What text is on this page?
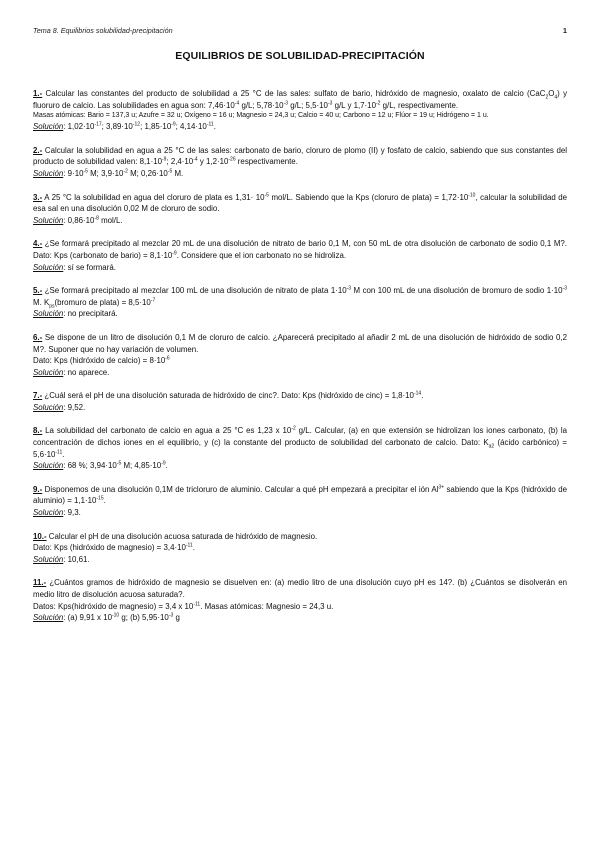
Tema 8. Equilibrios solubilidad-precipitación	1
EQUILIBRIOS DE SOLUBILIDAD-PRECIPITACIÓN

1.- Calcular las constantes del producto de solubilidad a 25 °C de las sales: sulfato de bario, hidróxido de magnesio, oxalato de calcio $(CaC_2O_4)$ y fluoruro de calcio. Las solubilidades en agua son: $7,46\cdot 10^{-4}$ g/L; $5,78\cdot 10^{-3}$ g/L; $5,5\cdot 10^{-3}$ g/L y $1,7\cdot 10^{-2}$ g/L, respectivamente.

Masas atómicas: Bario = 137,3 u; Azufre = 32 u; Oxígeno = 16 u; Magnesio = 24,3 u; Calcio = 40 u; Carbono = 12 u; Flúor = 19 u; Hidrógeno = 1 u.

Solución: $1,02\cdot 10^{-17}$; $3,89\cdot 10^{-12}$; $1,85\cdot 10^{-9}$; $4,14\cdot 10^{-11}$.

2.- Calcular la solubilidad en agua a 25 °C de las sales: carbonato de bario, cloruro de plomo (II) y fosfato de calcio, sabiendo que sus constantes del producto de solubilidad valen: $8,1\cdot 10^{-9}$; $2,4\cdot 10^{-4}$ y $1,2\cdot 10^{-26}$ respectivamente.

Solución: $9\cdot 10^{-5}$ M; $3,9\cdot 10^{-2}$ M; $0,26\cdot 10^{-5}$ M.

3.- A 25 °C la solubilidad en agua del cloruro de plata es $1,31\cdot 10^{-5}$ mol/L. Sabiendo que la Kps (cloruro de plata) = $1,72\cdot 10^{-10}$, calcular la solubilidad de esa sal en una disolución 0,02 M de cloruro de sodio.

Solución: $0,86\cdot 10^{-8}$ mol/L.

4.- ¿Se formará precipitado al mezclar 20 mL de una disolución de nitrato de bario 0,1 M, con 50 mL de otra disolución de carbonato de sodio 0,1 M?. Dato: Kps (carbonato de bario) = $8,1\cdot 10^{-9}$. Considere que el ion carbonato no se hidroliza.

Solución: sí se formará.

5.- ¿Se formará precipitado al mezclar 100 mL de una disolución de nitrato de plata $1\cdot 10^{-3}$ M con 100 mL de una disolución de bromuro de sodio $1\cdot 10^{-3}$ M. $K_{ps}(bromuro$ de plata) = $8,5\cdot 10^{-7}$

Solución: no precipitará.

6.- Se dispone de un litro de disolución 0,1 M de cloruro de calcio. ¿Aparecerá precipitado al añadir 2 mL de una disolución de hidróxido de sodio 0,2 M?. Suponer que no hay variación de volumen.
Dato: Kps (hidróxido de calcio) = $8\cdot 10^{-6}$

Solución: no aparece.

7.- ¿Cuál será el pH de una disolución saturada de hidróxido de cinc?. Dato: Kps (hidróxido de cinc) = $1,8\cdot 10^{-14}$.

Solución: 9,52.

8.- La solubilidad del carbonato de calcio en agua a 25 °C es 1,23 x $10^{-2}$ g/L. Calcular, (a) en que extensión se hidrolizan los iones carbonato, (b) la concentración de dichos iones en el equilibrio, y (c) la constante del producto de solubilidad del carbonato de calcio. Dato: $K_{a2}$ (ácido carbónico) = $5,6\cdot 10^{-11}$.

Solución: 68 %; $3,94\cdot 10^{-5}$ M; $4,85\cdot 10^{-9}$.

9.- Disponemos de una disolución 0,1M de tricloruro de aluminio. Calcular a qué pH empezará a precipitar el ión $Al^{3+}$ sabiendo que la Kps (hidróxido de aluminio) = $1,1\cdot 10^{-15}$.

Solución: 9,3.

10.- Calcular el pH de una disolución acuosa saturada de hidróxido de magnesio.
Dato: Kps (hidróxido de magnesio) = $3,4\cdot 10^{-11}$.

Solución: 10,61.

11.- ¿Cuántos gramos de hidróxido de magnesio se disuelven en: (a) medio litro de una disolución cuyo pH es 14?. (b) ¿Cuántos se disolverán en medio litro de disolución acuosa saturada?.
Datos: Kps(hidróxido de magnesio) = 3,4 x $10^{-11}$. Masas atómicas: Magnesio = 24,3 u.

Solución: (a) 9,91 x $10^{-10}$ g; (b) $5,95\cdot 10^{-3}$ g
